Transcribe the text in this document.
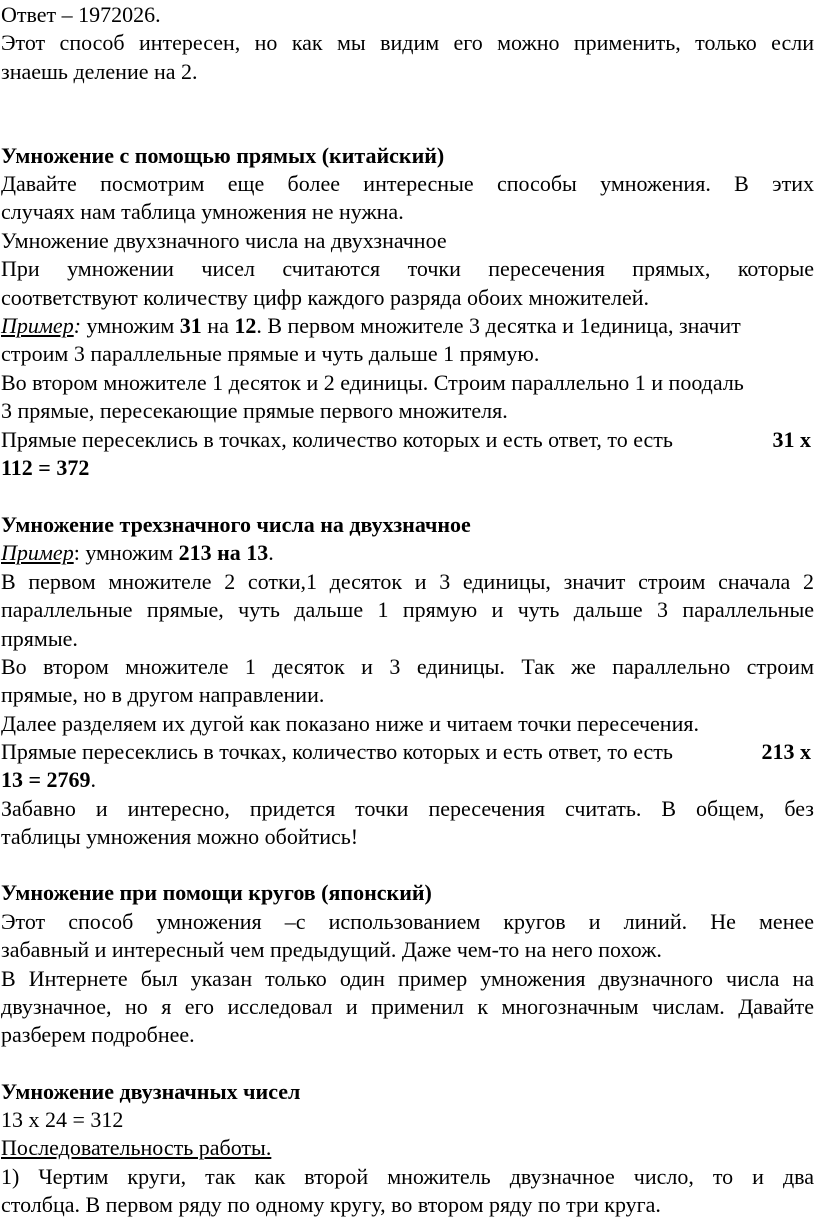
Ответ – 1972026.
Этот способ интересен, но как мы видим его можно применить, только если
знаешь деление на 2.
Умножение с помощью прямых (китайский)
Давайте посмотрим еще более интересные способы умножения. В этих
случаях нам таблица умножения не нужна.
Умножение двухзначного числа на двухзначное
При умножении чисел считаются точки пересечения прямых, которые
соответствуют количеству цифр каждого разряда обоих множителей.
Пример: умножим 31 на 12. В первом множителе 3 десятка и 1единица, значит
строим 3 параллельные прямые и чуть дальше 1 прямую.
Во втором множителе 1 десяток и 2 единицы. Строим параллельно 1 и поодаль
3 прямые, пересекающие прямые первого множителя.
Прямые пересеклись в точках, количество которых и есть ответ, то есть	31 x
112 = 372
Умножение трехзначного числа на двухзначное
Пример: умножим 213 на 13.
В первом множителе 2 сотки,1 десяток и 3 единицы, значит строим сначала 2
параллельные прямые, чуть дальше 1 прямую и чуть дальше 3 параллельные
прямые.
Во втором множителе 1 десяток и 3 единицы. Так же параллельно строим
прямые, но в другом направлении.
Далее разделяем их дугой как показано ниже и читаем точки пересечения.
Прямые пересеклись в точках, количество которых и есть ответ, то есть	213 x
13 = 2769.
Забавно и интересно, придется точки пересечения считать. В общем, без
таблицы умножения можно обойтись!
Умножение при помощи кругов (японский)
Этот способ умножения –с использованием кругов и линий. Не менее
забавный и интересный чем предыдущий. Даже чем-то на него похож.
В Интернете был указан только один пример умножения двузначного числа на
двузначное, но я его исследовал и применил к многозначным числам. Давайте
разберем подробнее.
Умножение двузначных чисел
13 х 24 = 312
Последовательность работы.
1) Чертим круги, так как второй множитель двузначное число, то и два
столбца. В первом ряду по одному кругу, во втором ряду по три круга.
